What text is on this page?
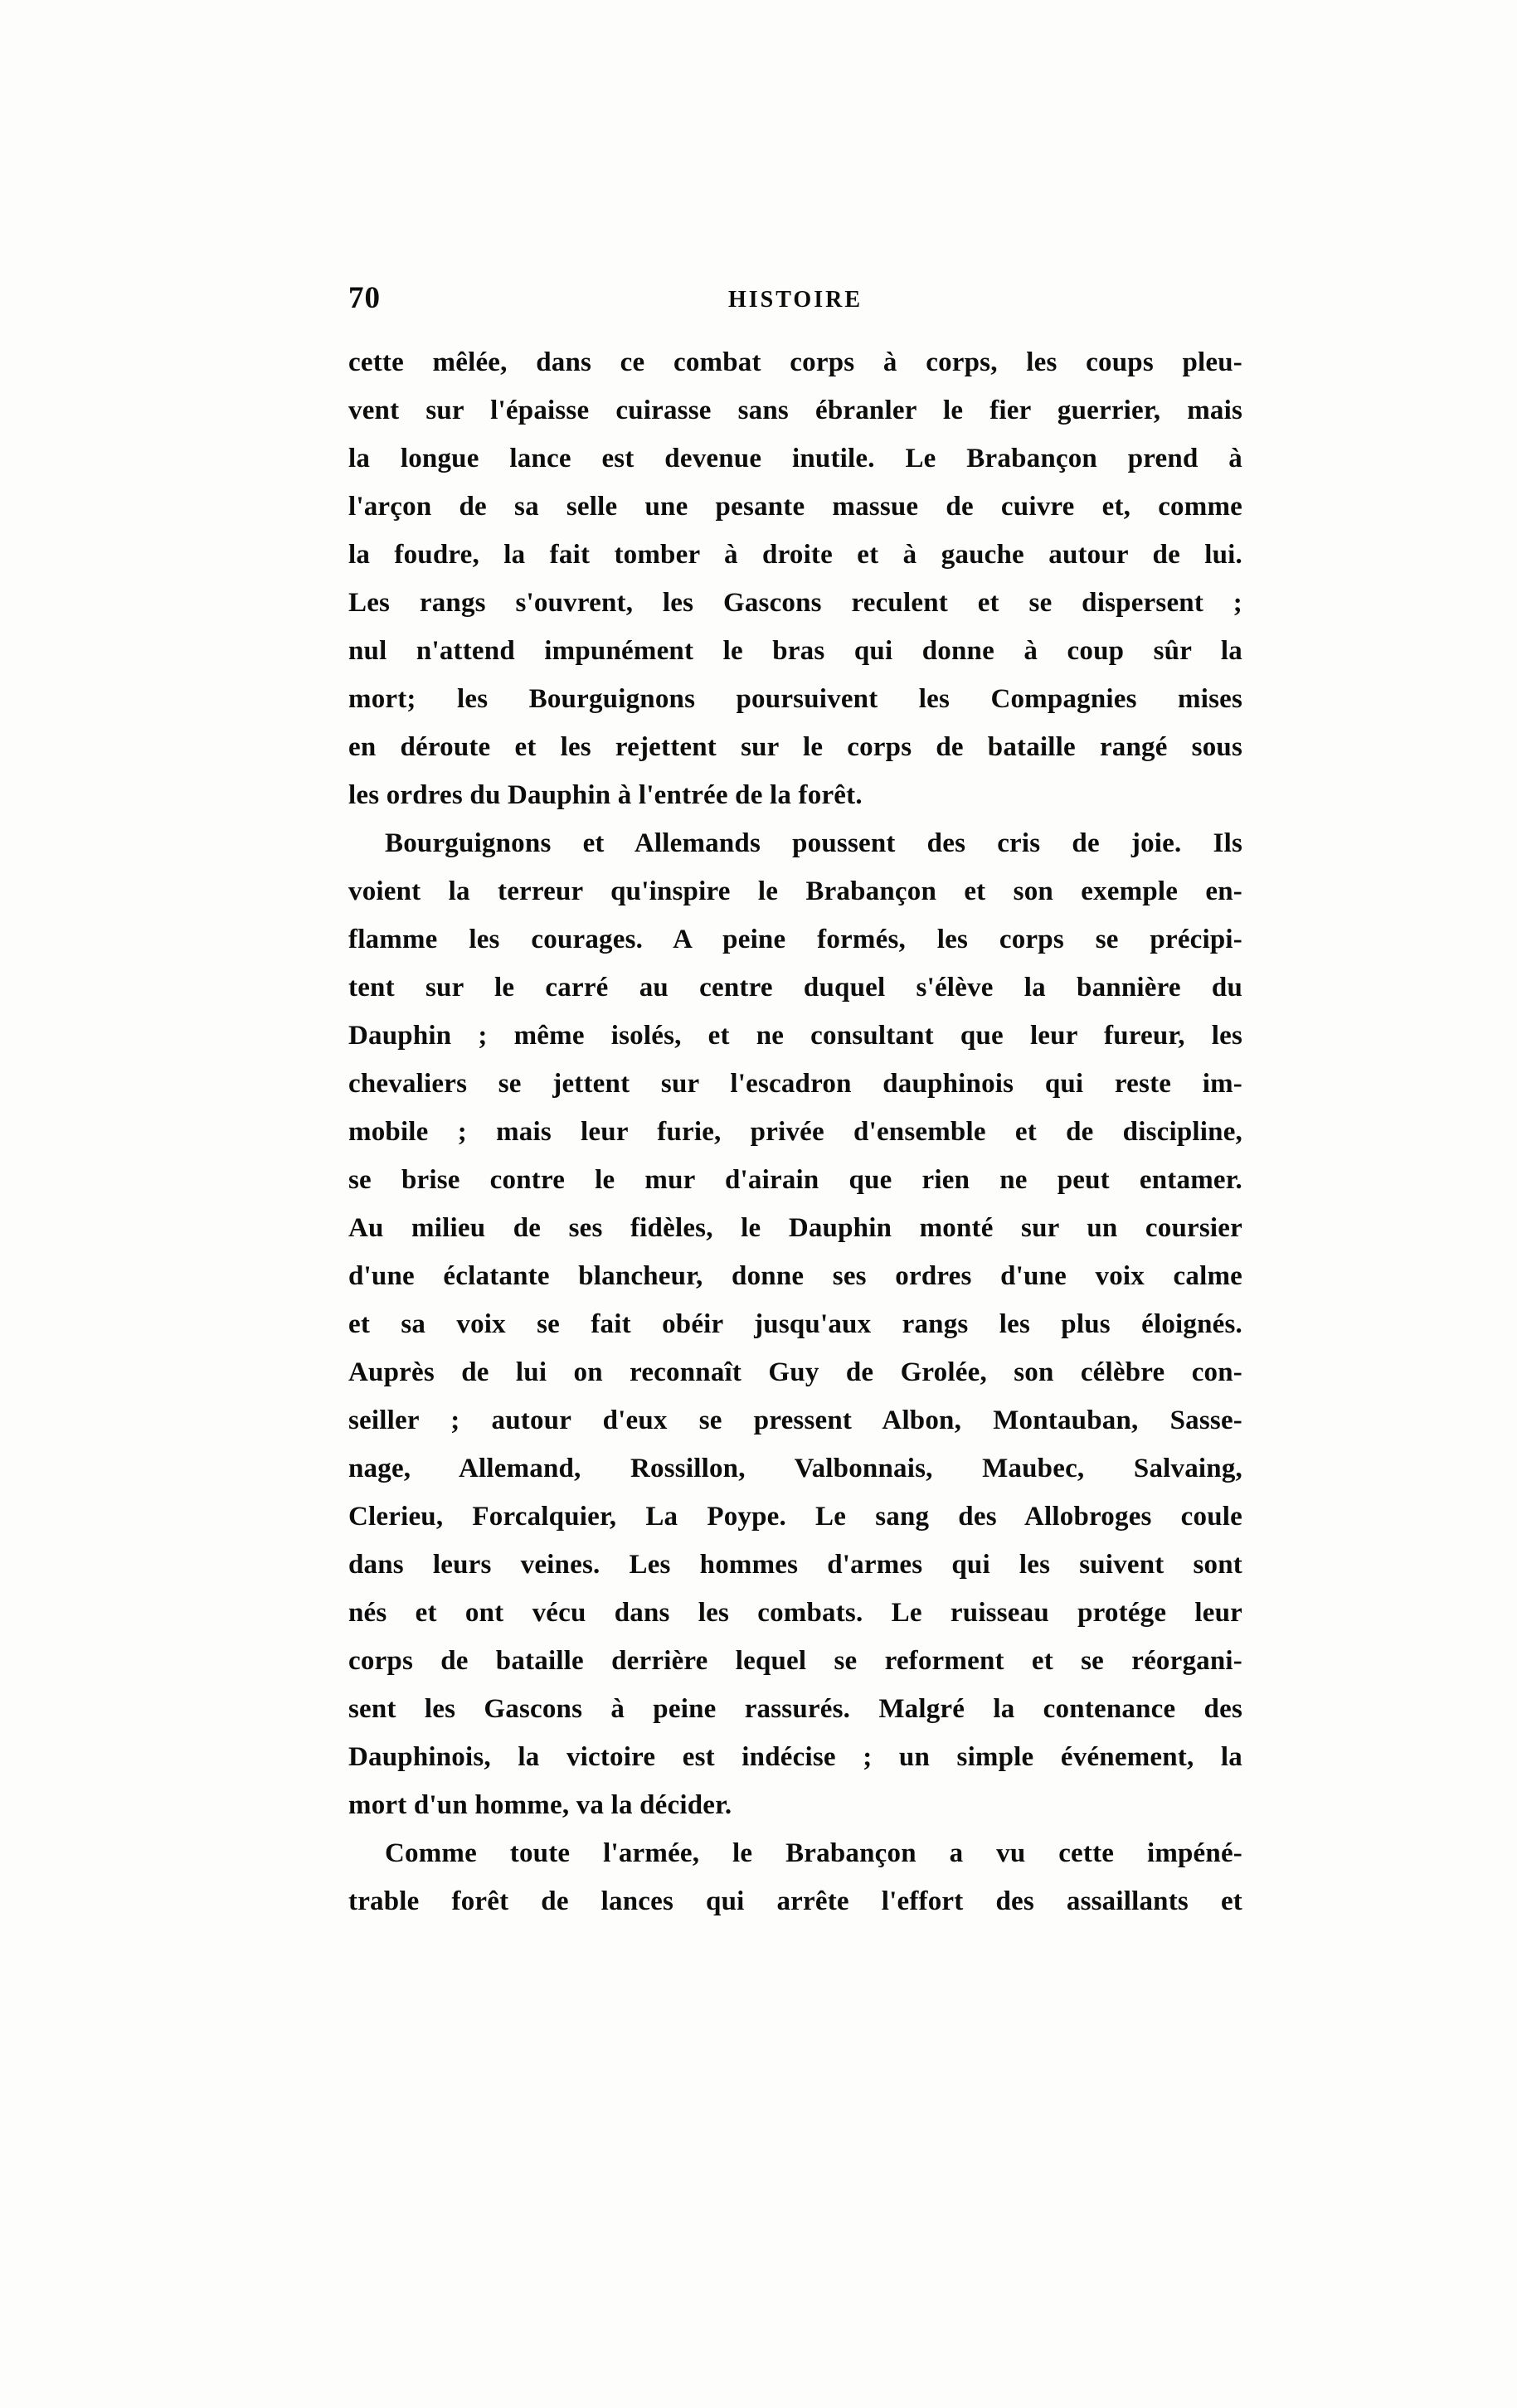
70	HISTOIRE
cette mêlée, dans ce combat corps à corps, les coups pleu-
vent sur l'épaisse cuirasse sans ébranler le fier guerrier, mais
la longue lance est devenue inutile. Le Brabançon prend à
l'arçon de sa selle une pesante massue de cuivre et, comme
la foudre, la fait tomber à droite et à gauche autour de lui.
Les rangs s'ouvrent, les Gascons reculent et se dispersent ;
nul n'attend impunément le bras qui donne à coup sûr la
mort; les Bourguignons poursuivent les Compagnies mises
en déroute et les rejettent sur le corps de bataille rangé sous
les ordres du Dauphin à l'entrée de la forêt.
Bourguignons et Allemands poussent des cris de joie. Ils
voient la terreur qu'inspire le Brabançon et son exemple en-
flamme les courages. A peine formés, les corps se précipi-
tent sur le carré au centre duquel s'élève la bannière du
Dauphin ; même isolés, et ne consultant que leur fureur, les
chevaliers se jettent sur l'escadron dauphinois qui reste im-
mobile ; mais leur furie, privée d'ensemble et de discipline,
se brise contre le mur d'airain que rien ne peut entamer.
Au milieu de ses fidèles, le Dauphin monté sur un coursier
d'une éclatante blancheur, donne ses ordres d'une voix calme
et sa voix se fait obéir jusqu'aux rangs les plus éloignés.
Auprès de lui on reconnaît Guy de Grolée, son célèbre con-
seiller ; autour d'eux se pressent Albon, Montauban, Sasse-
nage, Allemand, Rossillon, Valbonnais, Maubec, Salvaing,
Clerieu, Forcalquier, La Poype. Le sang des Allobroges coule
dans leurs veines. Les hommes d'armes qui les suivent sont
nés et ont vécu dans les combats. Le ruisseau protége leur
corps de bataille derrière lequel se reforment et se réorgani-
sent les Gascons à peine rassurés. Malgré la contenance des
Dauphinois, la victoire est indécise ; un simple événement, la
mort d'un homme, va la décider.
Comme toute l'armée, le Brabançon a vu cette impéné-
trable forêt de lances qui arrête l'effort des assaillants et
